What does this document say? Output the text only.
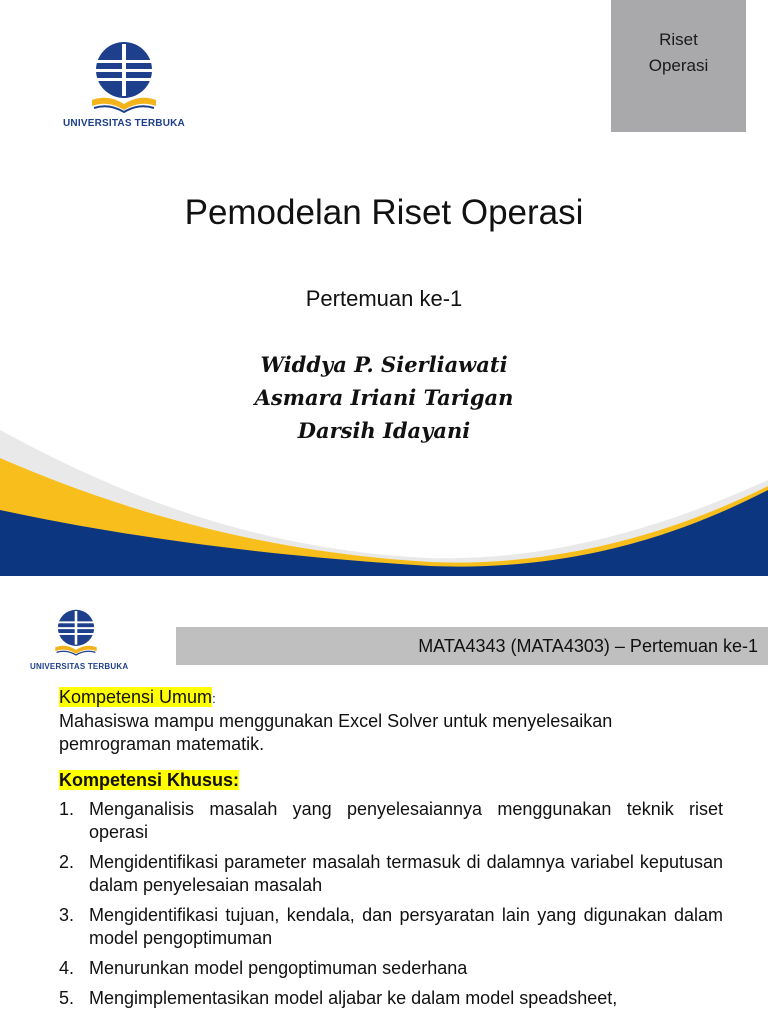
UNIVERSITAS TERBUKA
Riset
Operasi
Pemodelan Riset Operasi
Pertemuan ke-1
Widdya P. Sierliawati
Asmara Iriani Tarigan
Darsih Idayani
UNIVERSITAS TERBUKA
MATA4343 (MATA4303) – Pertemuan ke-1
Kompetensi Umum:
Mahasiswa mampu menggunakan Excel Solver untuk menyelesaikan pemrograman matematik.
Kompetensi Khusus:
1. Menganalisis masalah yang penyelesaiannya menggunakan teknik riset operasi
2. Mengidentifikasi parameter masalah termasuk di dalamnya variabel keputusan dalam penyelesaian masalah
3. Mengidentifikasi tujuan, kendala, dan persyaratan lain yang digunakan dalam model pengoptimuman
4. Menurunkan model pengoptimuman sederhana
5. Mengimplementasikan model aljabar ke dalam model speadsheet,
